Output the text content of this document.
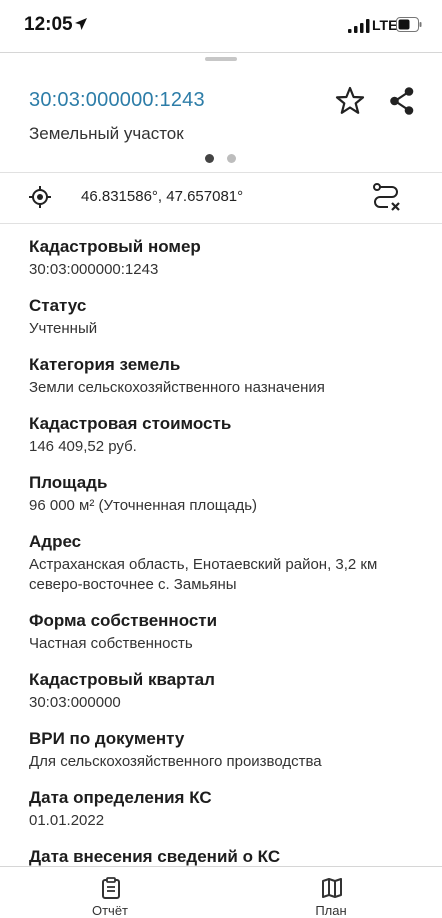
12:05	LTE
30:03:000000:1243
Земельный участок
46.831586°, 47.657081°
Кадастровый номер
30:03:000000:1243
Статус
Учтенный
Категория земель
Земли сельскохозяйственного назначения
Кадастровая стоимость
146 409,52 руб.
Площадь
96 000 м² (Уточненная площадь)
Адрес
Астраханская область, Енотаевский район, 3,2 км северо-восточнее с. Замьяны
Форма собственности
Частная собственность
Кадастровый квартал
30:03:000000
ВРИ по документу
Для сельскохозяйственного производства
Дата определения КС
01.01.2022
Дата внесения сведений о КС
Отчёт	План
